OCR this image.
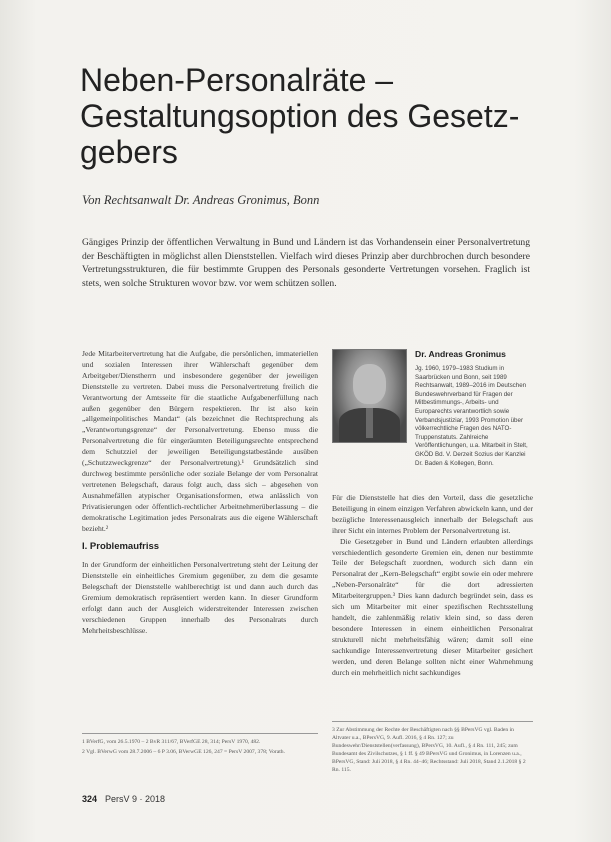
Neben-Personalräte –
Gestaltungsoption des Gesetz-
gebers
Von Rechtsanwalt Dr. Andreas Gronimus, Bonn

Gängiges Prinzip der öffentlichen Verwaltung in Bund und Ländern ist das Vorhandensein einer Personalvertretung der Beschäftigten in möglichst allen Dienststellen. Vielfach wird dieses Prinzip aber durchbrochen durch besondere Vertretungsstrukturen, die für bestimmte Gruppen des Personals gesonderte Vertretungen vorsehen. Fraglich ist stets, wen solche Strukturen wovor bzw. vor wem schützen sollen.

Jede Mitarbeitervertretung hat die Aufgabe, die persönlichen, immateriellen und sozialen Interessen ihrer Wählerschaft gegenüber dem Arbeitgeber/Dienstherrn und insbesondere gegenüber der jeweiligen Dienststelle zu vertreten. Dabei muss die Personalvertretung freilich die Verantwortung der Amtsseite für die staatliche Aufgabenerfüllung nach außen gegenüber den Bürgern respektieren. Ihr ist also kein „allgemeinpolitisches Mandat“ (als bezeichnet die Rechtsprechung als „Verantwortungsgrenze“ der Personalvertretung. Ebenso muss die Personalvertretung die für eingeräumten Beteiligungsrechte entsprechend dem Schutzziel der jeweiligen Beteiligungstatbestände ausüben („Schutzzweckgrenze“ der Personalvertretung).¹ Grundsätzlich sind durchweg bestimmte persönliche oder soziale Belange der vom Personalrat vertretenen Belegschaft, daraus folgt auch, dass sich – abgesehen von Ausnahmefällen atypischer Organisationsformen, etwa anlässlich von Privatisierungen oder öffentlich-rechtlicher Arbeitnehmerüberlassung – die demokratische Legitimation jedes Personalrats aus die eigene Wählerschaft bezieht.²

I. Problemaufriss

In der Grundform der einheitlichen Personalvertretung steht der Leitung der Dienststelle ein einheitliches Gremium gegenüber, zu dem die gesamte Belegschaft der Dienststelle wahlberechtigt ist und dann auch durch das Gremium demokratisch repräsentiert werden kann. In dieser Grundform erfolgt dann auch der Ausgleich widerstreitender Interessen zwischen verschiedenen Gruppen innerhalb des Personalrats durch Mehrheitsbeschlüsse.

Dr. Andreas Gronimus
Jg. 1960, 1979–1983 Studium in Saarbrücken und Bonn, seit 1989 Rechtsanwalt, 1989–2016 im Deutschen Bundeswehrverband für Fragen der Mitbestimmungs-, Arbeits- und Europarechts verantwortlich sowie Verbandsjustiziar, 1993 Promotion über völkerrechtliche Fragen des NATO-Truppenstatuts. Zahlreiche Veröffentlichungen, u.a. Mitarbeit in Stelt, GKÖD Bd. V. Derzeit Sozius der Kanzlei Dr. Baden & Kollegen, Bonn.

Für die Dienststelle hat dies den Vorteil, dass die gesetzliche Beteiligung in einem einzigen Verfahren abwickeln kann, und der bezügliche Interessenausgleich innerhalb der Belegschaft aus ihrer Sicht ein internes Problem der Personalvertretung ist.

Die Gesetzgeber in Bund und Ländern erlaubten allerdings verschiedentlich gesonderte Gremien ein, denen nur bestimmte Teile der Belegschaft zuordnen, wodurch sich dann ein Personalrat der „Kern-Belegschaft“ ergibt sowie ein oder mehrere „Neben-Personalräte“ für die dort adressierten Mitarbeitergruppen.³ Dies kann dadurch begründet sein, dass es sich um Mitarbeiter mit einer spezifischen Rechtsstellung handelt, die zahlenmäßig relativ klein sind, so dass deren besondere Interessen in einem einheitlichen Personalrat strukturell nicht mehrheitsfähig wären; damit soll eine sachkundige Interessenvertretung dieser Mitarbeiter gesichert werden, und deren Belange sollten nicht einer Wahrnehmung durch ein mehrheitlich nicht sachkundiges

1 BVerfG, vom 26.5.1970 – 2 BvR 311/67, BVerfGE 28, 314; PersV 1970, 482.

2 Vgl. BVerwG vom 28.7.2006 – 6 P 3.06, BVerwGE 126, 247 = PersV 2007, 378; Vorath.

3 Zur Abstimmung der Rechte der Beschäftigten nach §§ BPersVG vgl. Baden in Altvater u.a., BPersVG, 9. Aufl. 2016, § 4 Rn. 127; zu Bundeswehr/Dienststellen(verfassung), BPersVG, 10. Aufl., § 4 Rn. 111, 245; zum Bundesamt des Zivilschutzes, § 1 ff. § 49 BPersVG und Gronimus, in Lorenzen u.a., BPersVG, Stand: Juli 2018, § 4 Rn. 44–46; Rechtsstand: Juli 2018, Stand 2.1.2018 § 2 Rn. 115.

324 PersV 9 · 2018
